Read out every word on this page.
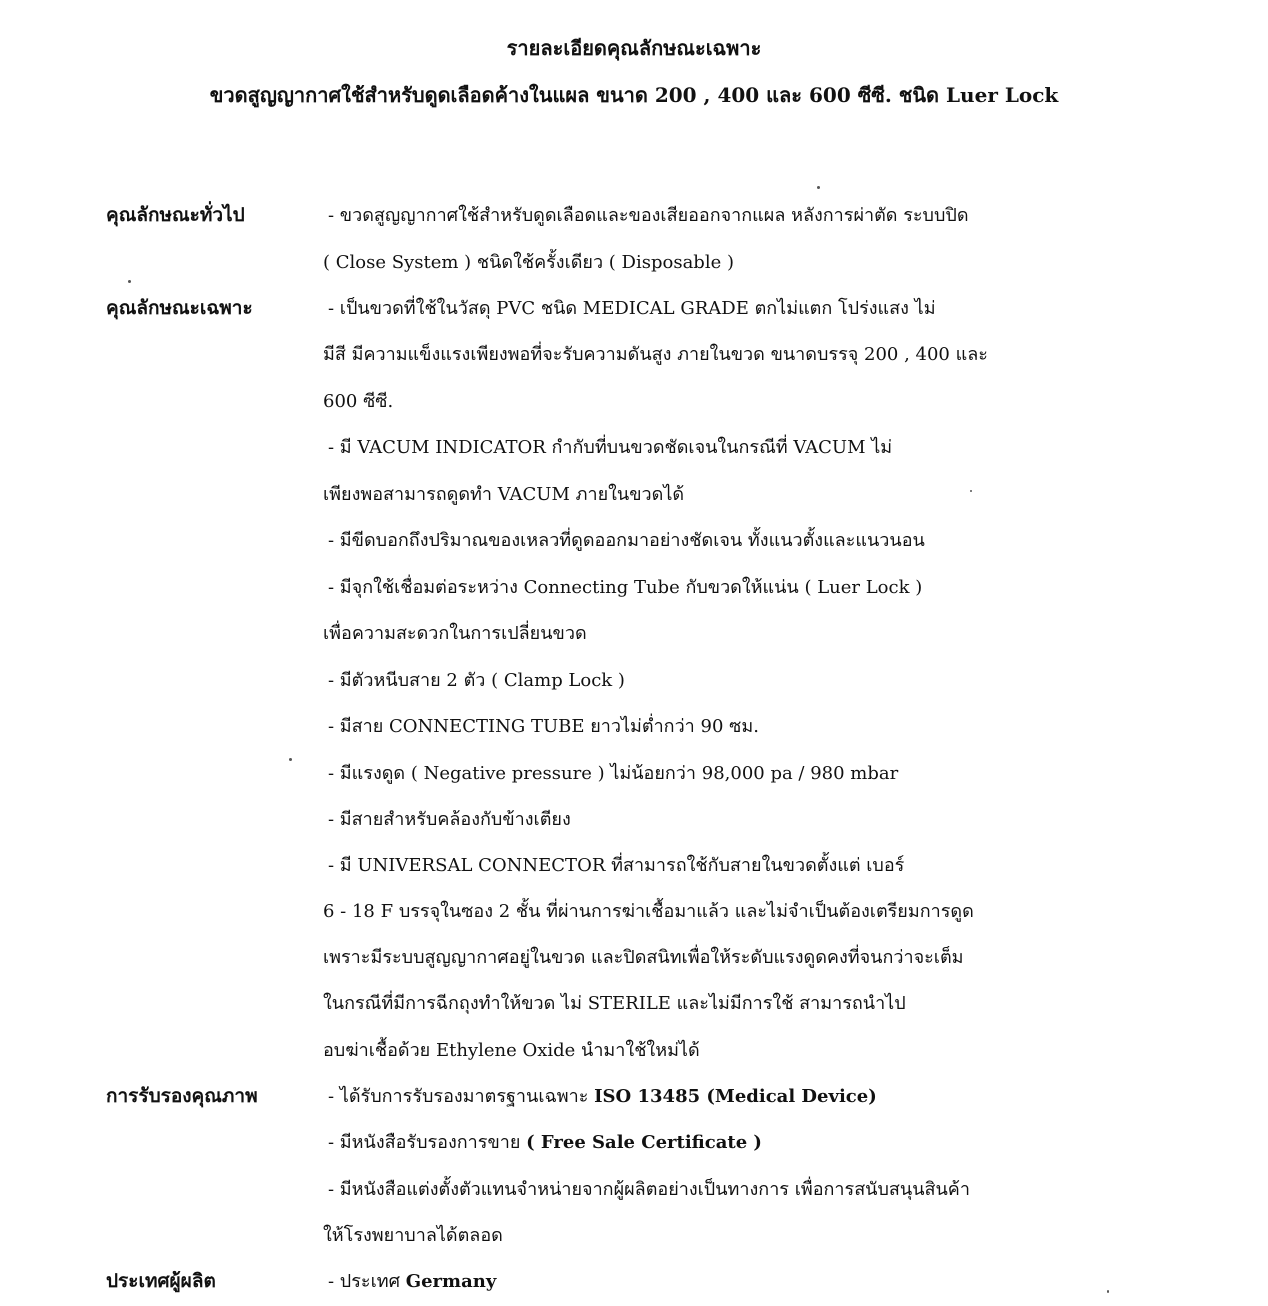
รายละเอียดคุณลักษณะเฉพาะ
ขวดสูญญากาศใช้สำหรับดูดเลือดค้างในแผล ขนาด 200 , 400 และ 600 ซีซี. ชนิด Luer Lock
คุณลักษณะทั่วไป	- ขวดสูญญากาศใช้สำหรับดูดเลือดและของเสียออกจากแผล หลังการผ่าตัด ระบบปิด
( Close System ) ชนิดใช้ครั้งเดียว ( Disposable )
คุณลักษณะเฉพาะ	- เป็นขวดที่ใช้ในวัสดุ PVC ชนิด MEDICAL GRADE ตกไม่แตก โปร่งแสง ไม่
มีสี มีความแข็งแรงเพียงพอที่จะรับความดันสูง ภายในขวด ขนาดบรรจุ 200 , 400 และ
600 ซีซี.
- มี VACUM INDICATOR กำกับที่บนขวดชัดเจนในกรณีที่ VACUM ไม่
เพียงพอสามารถดูดทำ VACUM ภายในขวดได้
- มีขีดบอกถึงปริมาณของเหลวที่ดูดออกมาอย่างชัดเจน ทั้งแนวตั้งและแนวนอน
- มีจุกใช้เชื่อมต่อระหว่าง Connecting Tube กับขวดให้แน่น ( Luer Lock )
เพื่อความสะดวกในการเปลี่ยนขวด
- มีตัวหนีบสาย 2 ตัว ( Clamp Lock )
- มีสาย CONNECTING TUBE ยาวไม่ต่ำกว่า 90 ซม.
- มีแรงดูด ( Negative pressure ) ไม่น้อยกว่า 98,000 pa / 980 mbar
- มีสายสำหรับคล้องกับข้างเตียง
- มี UNIVERSAL CONNECTOR ที่สามารถใช้กับสายในขวดตั้งแต่ เบอร์
6 - 18 F บรรจุในซอง 2 ชั้น ที่ผ่านการฆ่าเชื้อมาแล้ว และไม่จำเป็นต้องเตรียมการดูด
เพราะมีระบบสูญญากาศอยู่ในขวด และปิดสนิทเพื่อให้ระดับแรงดูดคงที่จนกว่าจะเต็ม
ในกรณีที่มีการฉีกถุงทำให้ขวด ไม่ STERILE และไม่มีการใช้ สามารถนำไป
อบฆ่าเชื้อด้วย Ethylene Oxide นำมาใช้ใหม่ได้
การรับรองคุณภาพ	- ได้รับการรับรองมาตรฐานเฉพาะ ISO 13485 (Medical Device)
- มีหนังสือรับรองการขาย ( Free Sale Certificate )
- มีหนังสือแต่งตั้งตัวแทนจำหน่ายจากผู้ผลิตอย่างเป็นทางการ เพื่อการสนับสนุนสินค้า
ให้โรงพยาบาลได้ตลอด
ประเทศผู้ผลิต	- ประเทศ Germany
